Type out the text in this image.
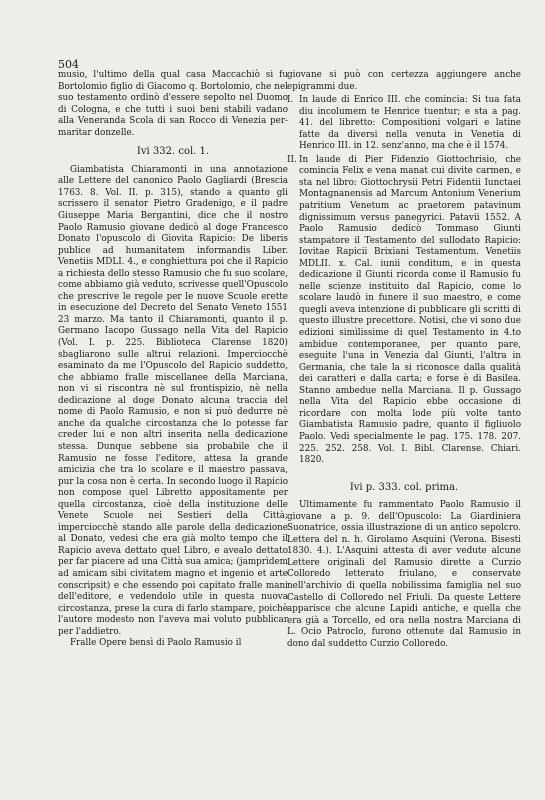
504

musio, l'ultimo della qual casa Maccachiò si fu Bortolomio figlio di Giacomo q. Bortolomio, che nel suo testamento ordinò d'essere sepolto nel Duomo di Cologna, e che tutti i suoi beni stabili vadano alla Veneranda Scola di san Rocco di Venezia per-maritar donzelle.

Ivi 332. col. 1.

Giambatista Chiaramonti in una annotazione alle Lettere del canonico Paolo Gagliardi (Brescia 1763. 8. Vol. II. p. 315), stando a quanto gli scrissero il senator Pietro Gradenigo, e il padre Giuseppe Maria Bergantini, dice che il nostro Paolo Ramusio giovane dedicò al doge Francesco Donato l'opuscolo di Giovita Rapicio: De liberis publice ad humanitatem informandis Liber. Venetiis MDLI. 4., e conghiettura poi che il Rapicio a richiesta dello stesso Ramusio che fu suo scolare, come abbiamo già veduto, scrivesse quell'Opuscolo che prescrive le regole per le nuove Scuole erette in esecuzione del Decreto del Senato Veneto 1551 23 marzo. Ma tanto il Chiaramonti, quanto il p. Germano Iacopo Gussago nella Vita del Rapicio (Vol. I. p. 225. Biblioteca Clarense 1820) sbagliarono sulle altrui relazioni. Imperciocchè esaminato da me l'Opuscolo del Rapicio suddetto, che abbiamo fralle miscellanee della Marciana, non vi si riscontra nè sul frontispizio, nè nella dedicazione al doge Donato alcuna traccia del nome di Paolo Ramusio, e non si può dedurre nè anche da qualche circostanza che lo potesse far creder lui e non altri inserita nella dedicazione stessa. Dunque sebbene sia probabile che il Ramusio ne fosse l'editore, attesa la grande amicizia che tra lo scolare e il maestro passava, pur la cosa non è certa. In secondo luogo il Rapicio non compose quel Libretto appositamente per quella circostanza, cioè della instituzione delle Venete Scuole nei Sestieri della Città; imperciocchè stando alle parole della dedicazione al Donato, vedesi che era già molto tempo che il Rapicio aveva dettato quel Libro, e avealo dettato per far piacere ad una Città sua amica; (jamprìdem ad amicam sibi civitatem magno et ingenio et arte conscripsit) e che essendo poi capitato fralle mani dell'editore, e vedendolo utile in questa nuova circostanza, prese la cura di farlo stampare, poichè l'autore modesto non l'aveva mai voluto pubblicar per l'addietro.

Fralle Opere bensì di Paolo Ramusio il

giovane si può con certezza aggiungere anche epigrammi due.

I. In laude di Enrico III. che comincia: Si tua fata diu incolumem te Henrice tuentur; e sta a pag. 41. del libretto: Compositioni volgari e latine fatte da diversi nella venuta in Venetia di Henrico III. in 12. senz'anno, ma che è il 1574.
II. In laude di Pier Fidenzio Giottochrisio, che comincia Felix e vena manat cui divite carmen, e sta nel libro: Giottochrysii Petri Fidentii Iunctaei Montagnanensis ad Marcum Antonium Venerium patritium Venetum ac praetorem patavinum dignissimum versus panegyrici. Patavii 1552. A Paolo Ramusio dedicò Tommaso Giunti stampatore il Testamento del sullodato Rapicio: Iovitae Rapicii Brixiani Testamentum. Venetiis MDLII. x. Cal. iunii conditum, e in questa dedicazione il Giunti ricorda come il Ramusio fu nelle scienze instituito dal Rapicio, come lo scolare laudò in funere il suo maestro, e come quegli aveva intenzione di pubblicare gli scritti di questo illustre precettore. Notisi, che vi sono due edizioni simìlissime di quel Testamento in 4.to ambidue contemporanee, per quanto pare, eseguite l'una in Venezia dal Giunti, l'altra in Germania, che tale la si riconosce dalla qualità dei caratteri e dalla carta; e forse è di Basilea. Stanno ambedue nella Marciana. Il p. Gussago nella Vita del Rapicio ebbe occasione di ricordare con molta lode più volte tanto Giambatista Ramusio padre, quanto il figliuolo Paolo. Vedi specialmente le pag. 175. 178. 207. 225. 252. 258. Vol. I. Bibl. Clarense. Chiari. 1820.
Ivi p. 333. col. prima.

Ultimamente fu rammentato Paolo Ramusio il giovane a p. 9. dell'Opuscolo: La Giardiniera Suonatrice, ossia illustrazione di un antico sepolcro. Lettera del n. h. Girolamo Asquini (Verona. Bisesti 1830. 4.). L'Asquini attesta di aver vedute alcune Lettere originali del Ramusio dirette a Curzio Colloredo letterato friulano, e conservate nell'archivio di quella nobilissima famiglia nel suo Castello di Colloredo nel Friuli. Da queste Lettere apparisce che alcune Lapidi antiche, e quella che era già a Torcello, ed ora nella nostra Marciana di L. Ocio Patroclo, furono ottenute dal Ramusio in dono dal suddetto Curzio Colloredo.
